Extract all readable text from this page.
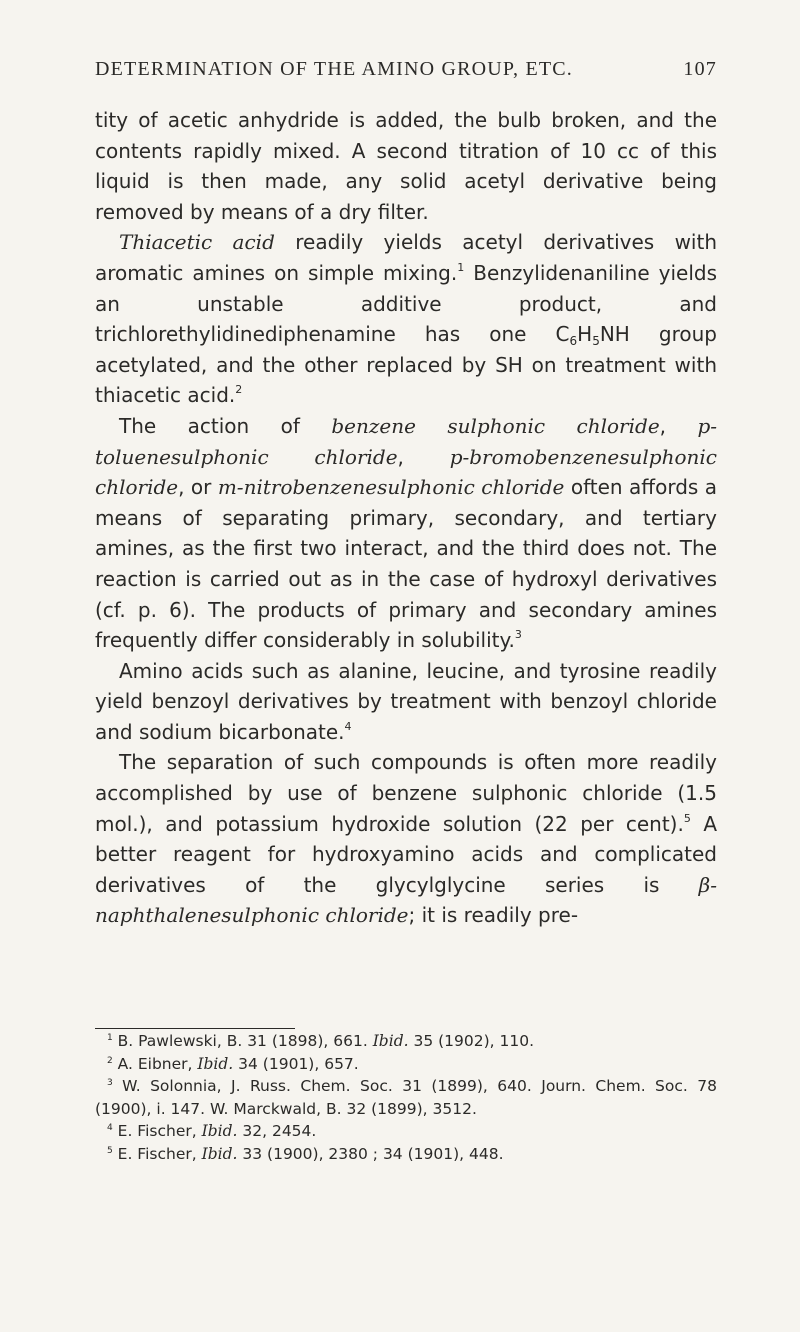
DETERMINATION OF THE AMINO GROUP, ETC.	107

tity of acetic anhydride is added, the bulb broken, and the contents rapidly mixed. A second titration of 10 cc of this liquid is then made, any solid acetyl derivative being removed by means of a dry filter.

Thiacetic acid readily yields acetyl derivatives with aromatic amines on simple mixing.$^1$ Benzylidenaniline yields an unstable additive product, and trichlorethylidinediphenamine has one $C_6H_5NH$ group acetylated, and the other replaced by SH on treatment with thiacetic acid.$^2$

The action of benzene sulphonic chloride, p-toluenesulphonic chloride, p-bromobenzenesulphonic chloride, or m-nitrobenzenesulphonic chloride often affords a means of separating primary, secondary, and tertiary amines, as the first two interact, and the third does not. The reaction is carried out as in the case of hydroxyl derivatives (cf. p. 6). The products of primary and secondary amines frequently differ considerably in solubility.$^3$

Amino acids such as alanine, leucine, and tyrosine readily yield benzoyl derivatives by treatment with benzoyl chloride and sodium bicarbonate.$^4$

The separation of such compounds is often more readily accomplished by use of benzene sulphonic chloride (1.5 mol.), and potassium hydroxide solution (22 per cent).$^5$ A better reagent for hydroxyamino acids and complicated derivatives of the glycylglycine series is β-naphthalenesulphonic chloride; it is readily pre-

$^1$ B. Pawlewski, B. 31 (1898), 661. Ibid. 35 (1902), 110.
$^2$ A. Eibner, Ibid. 34 (1901), 657.
$^3$ W. Solonnia, J. Russ. Chem. Soc. 31 (1899), 640. Journ. Chem. Soc. 78 (1900), i. 147. W. Marckwald, B. 32 (1899), 3512.
$^4$ E. Fischer, Ibid. 32, 2454.
$^5$ E. Fischer, Ibid. 33 (1900), 2380 ; 34 (1901), 448.
